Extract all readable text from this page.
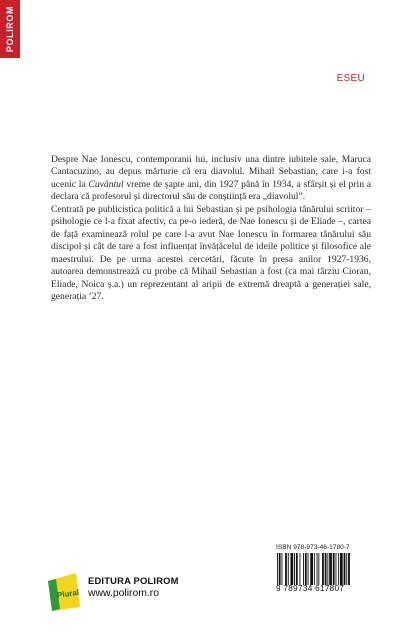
POLIROM
ESEU

Despre Nae Ionescu, contemporanii lui, inclusiv una dintre iubitele sale, Maruca Cantacuzino, au depus mărturie că era diavolul. Mihail Sebastian, care i-a fost ucenic la Cuvântul vreme de șapte ani, din 1927 până în 1934, a sfârșit și el prin a declara că profesorul și directorul său de conștiință era „diavolul”.

Centrată pe publicistica politică a lui Sebastian și pe psihologia tânărului scriitor – psihologie ce l-a fixat afectiv, ca pe-o iederă, de Nae Ionescu și de Eliade –, cartea de față examinează rolul pe care l-a avut Nae Ionescu în formarea tânărului său discipol și cât de tare a fost influențat învățăcelul de ideile politice și filosofice ale maestrului. De pe urma acestei cercetări, făcute în presa anilor 1927-1936, autoarea demonstrează cu probe că Mihail Sebastian a fost (ca mai târziu Cioran, Eliade, Noica ș.a.) un reprezentant al aripii de extremă dreaptă a generației sale, generația ’27.

ISBN 978-973-46-1780-7
9 789734 617807
Plural
EDITURA POLIROM
www.polirom.ro
